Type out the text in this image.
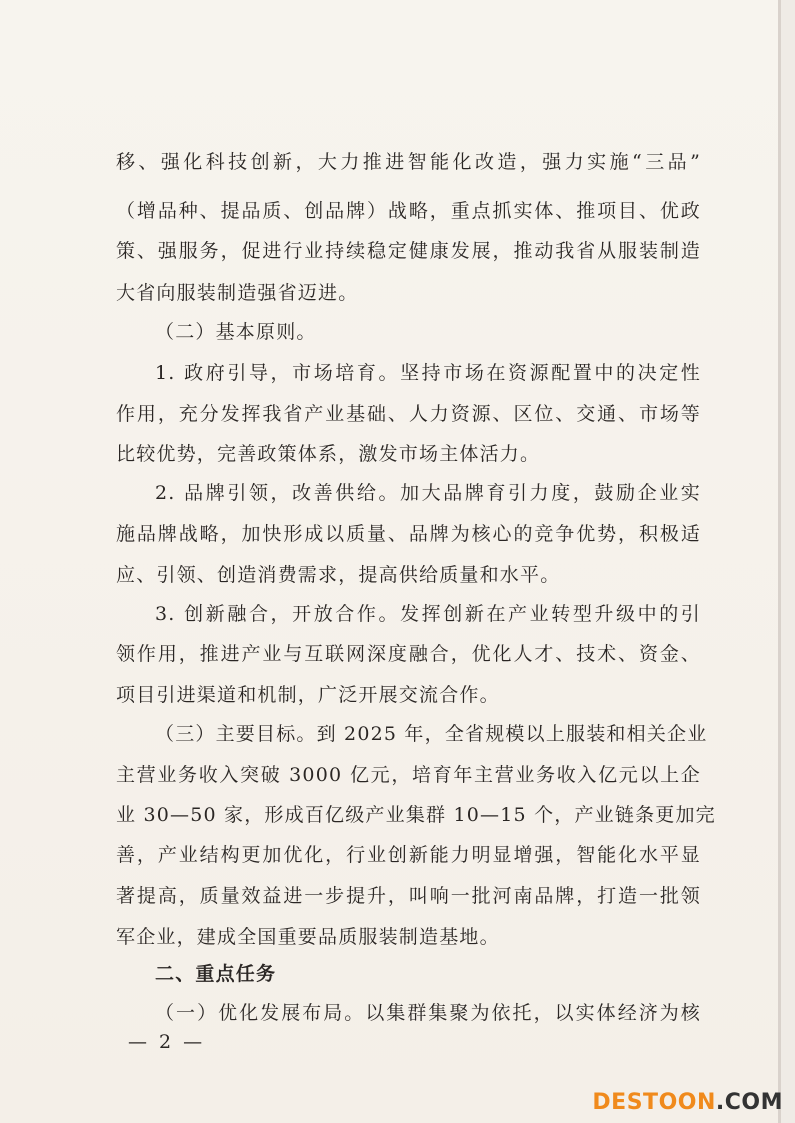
移、强化科技创新，大力推进智能化改造，强力实施“三品”
（增品种、提品质、创品牌）战略，重点抓实体、推项目、优政
策、强服务，促进行业持续稳定健康发展，推动我省从服装制造
大省向服装制造强省迈进。
（二）基本原则。
1. 政府引导，市场培育。坚持市场在资源配置中的决定性
作用，充分发挥我省产业基础、人力资源、区位、交通、市场等
比较优势，完善政策体系，激发市场主体活力。
2. 品牌引领，改善供给。加大品牌育引力度，鼓励企业实
施品牌战略，加快形成以质量、品牌为核心的竞争优势，积极适
应、引领、创造消费需求，提高供给质量和水平。
3. 创新融合，开放合作。发挥创新在产业转型升级中的引
领作用，推进产业与互联网深度融合，优化人才、技术、资金、
项目引进渠道和机制，广泛开展交流合作。
（三）主要目标。到 2025 年，全省规模以上服装和相关企业
主营业务收入突破 3000 亿元，培育年主营业务收入亿元以上企
业 30—50 家，形成百亿级产业集群 10—15 个，产业链条更加完
善，产业结构更加优化，行业创新能力明显增强，智能化水平显
著提高，质量效益进一步提升，叫响一批河南品牌，打造一批领
军企业，建成全国重要品质服装制造基地。
二、重点任务
（一）优化发展布局。以集群集聚为依托，以实体经济为核
— 2 —
DESTOON.COM
